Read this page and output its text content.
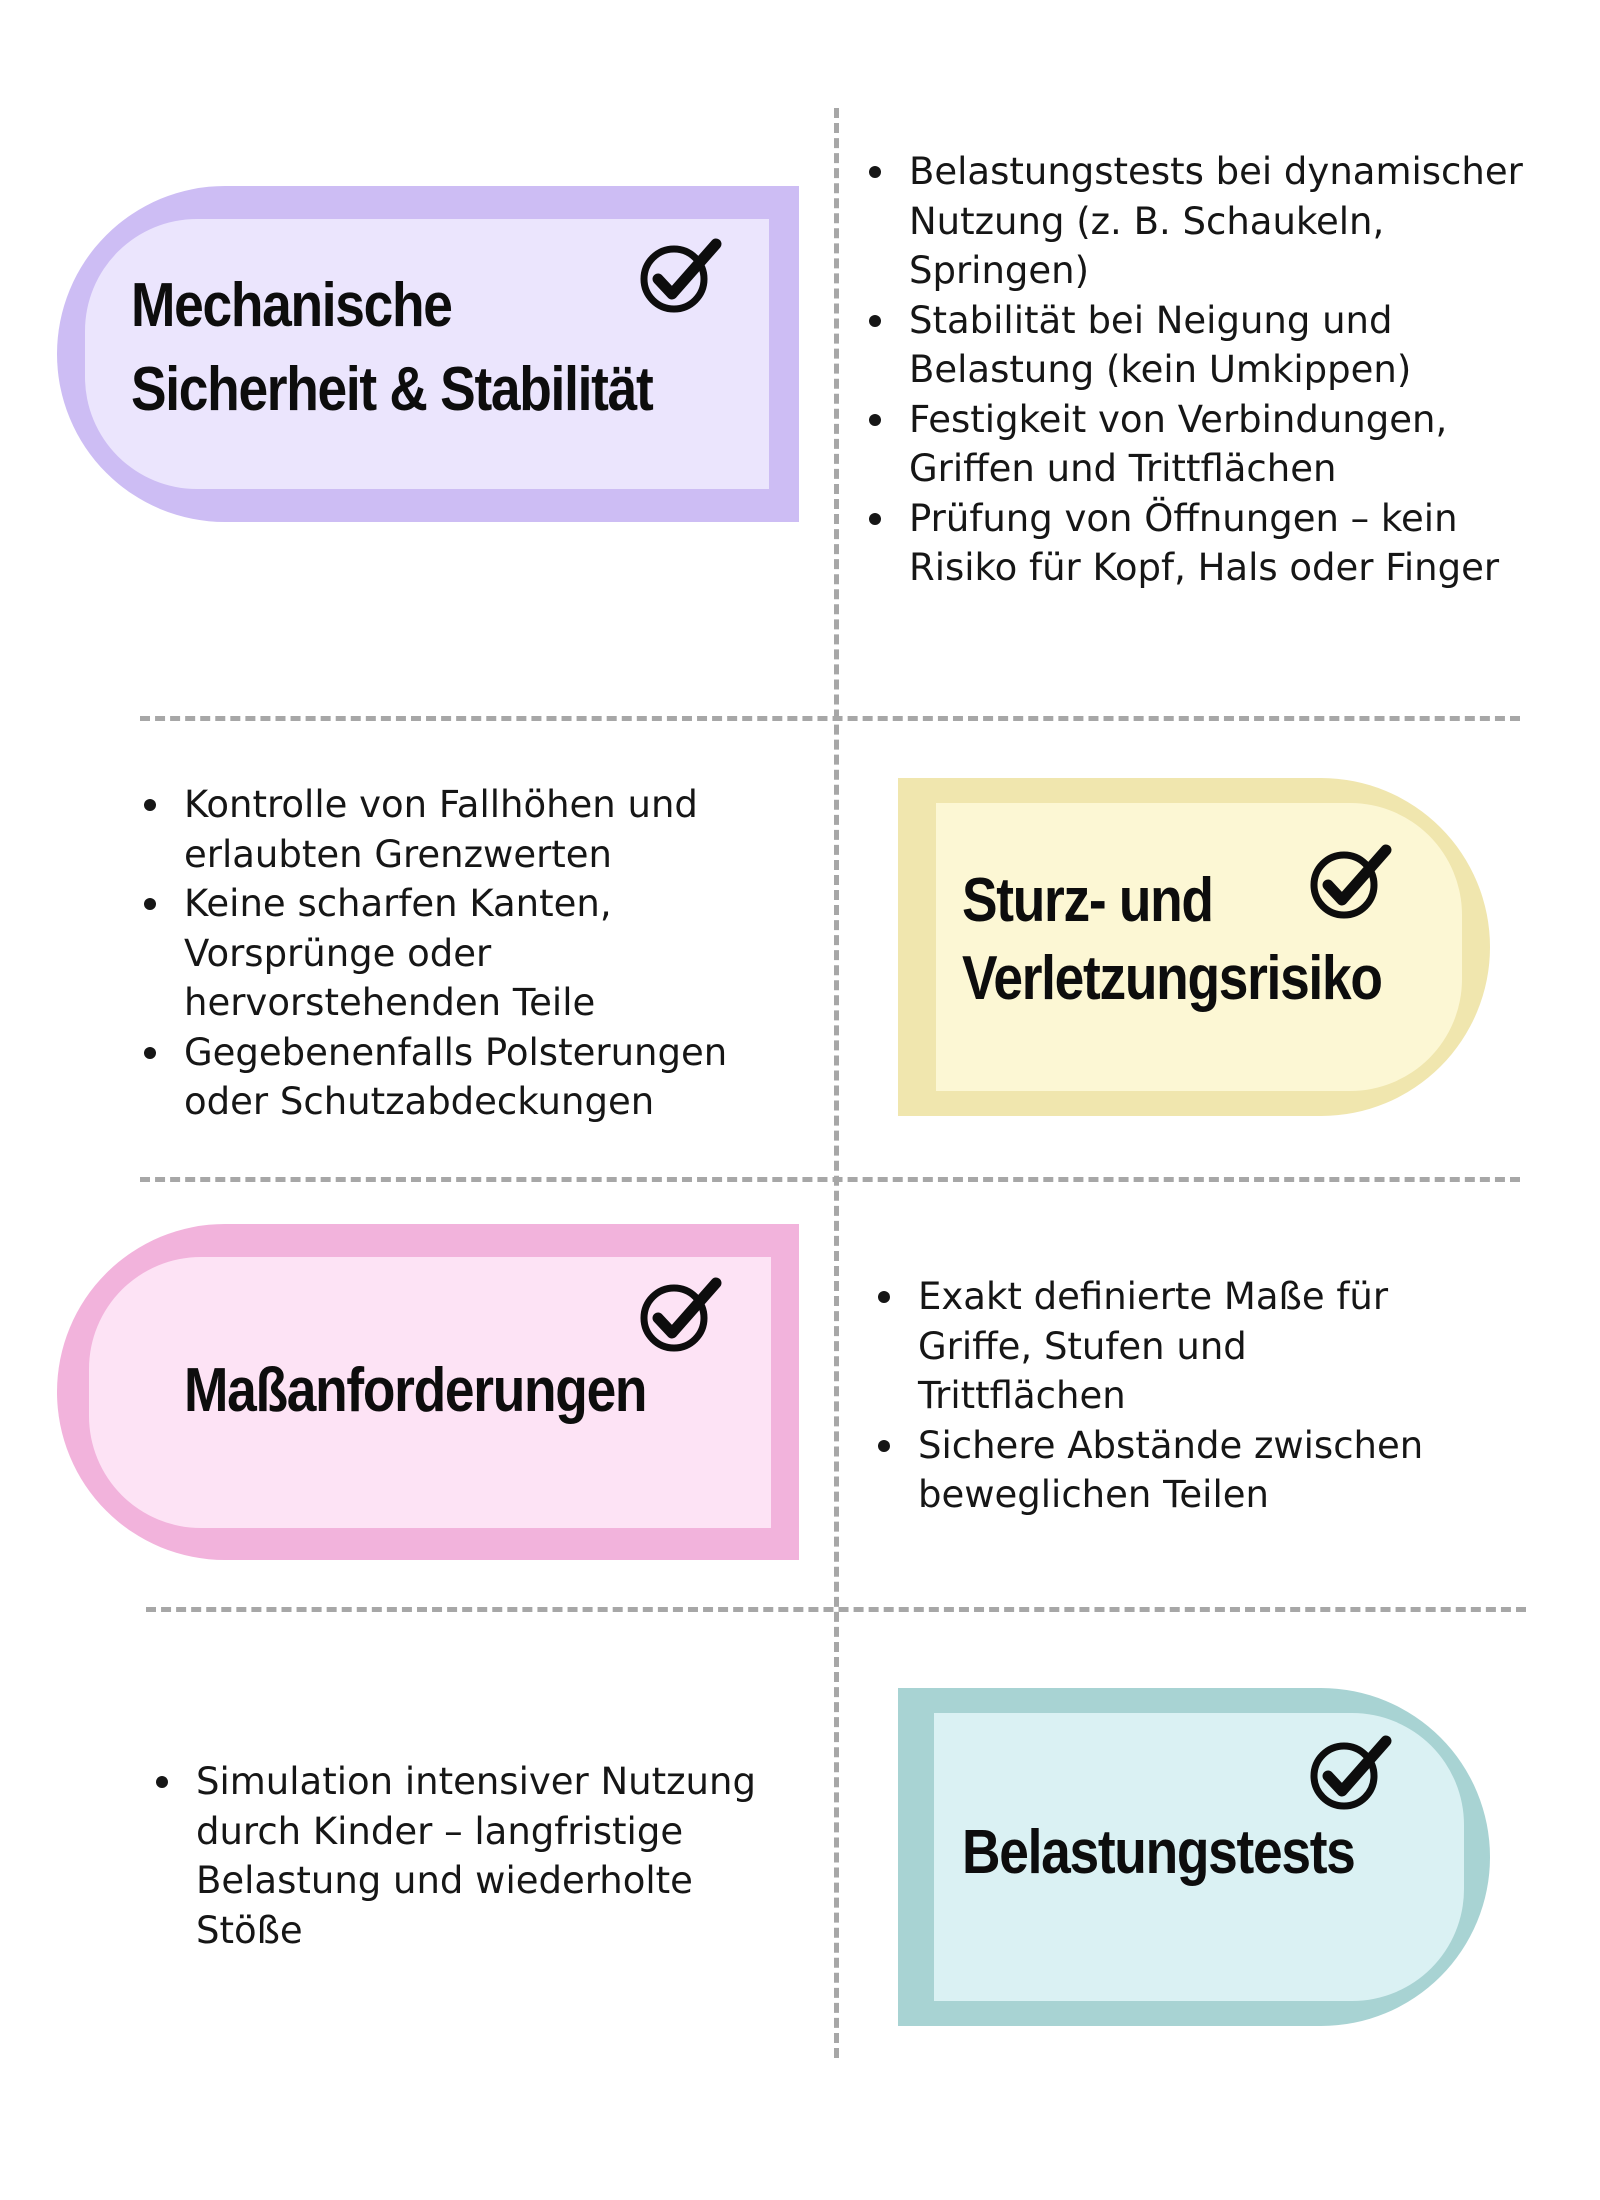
Mechanische
Sicherheit & Stabilität
Belastungstests bei dynamischer
Nutzung (z. B. Schaukeln,
Springen)
Stabilität bei Neigung und
Belastung (kein Umkippen)
Festigkeit von Verbindungen,
Griffen und Trittflächen
Prüfung von Öffnungen – kein
Risiko für Kopf, Hals oder Finger
Kontrolle von Fallhöhen und
erlaubten Grenzwerten
Keine scharfen Kanten,
Vorsprünge oder
hervorstehenden Teile
Gegebenenfalls Polsterungen
oder Schutzabdeckungen
Sturz- und
Verletzungsrisiko
Maßanforderungen
Exakt definierte Maße für
Griffe, Stufen und
Trittflächen
Sichere Abstände zwischen
beweglichen Teilen
Simulation intensiver Nutzung
durch Kinder – langfristige
Belastung und wiederholte
Stöße
Belastungstests
